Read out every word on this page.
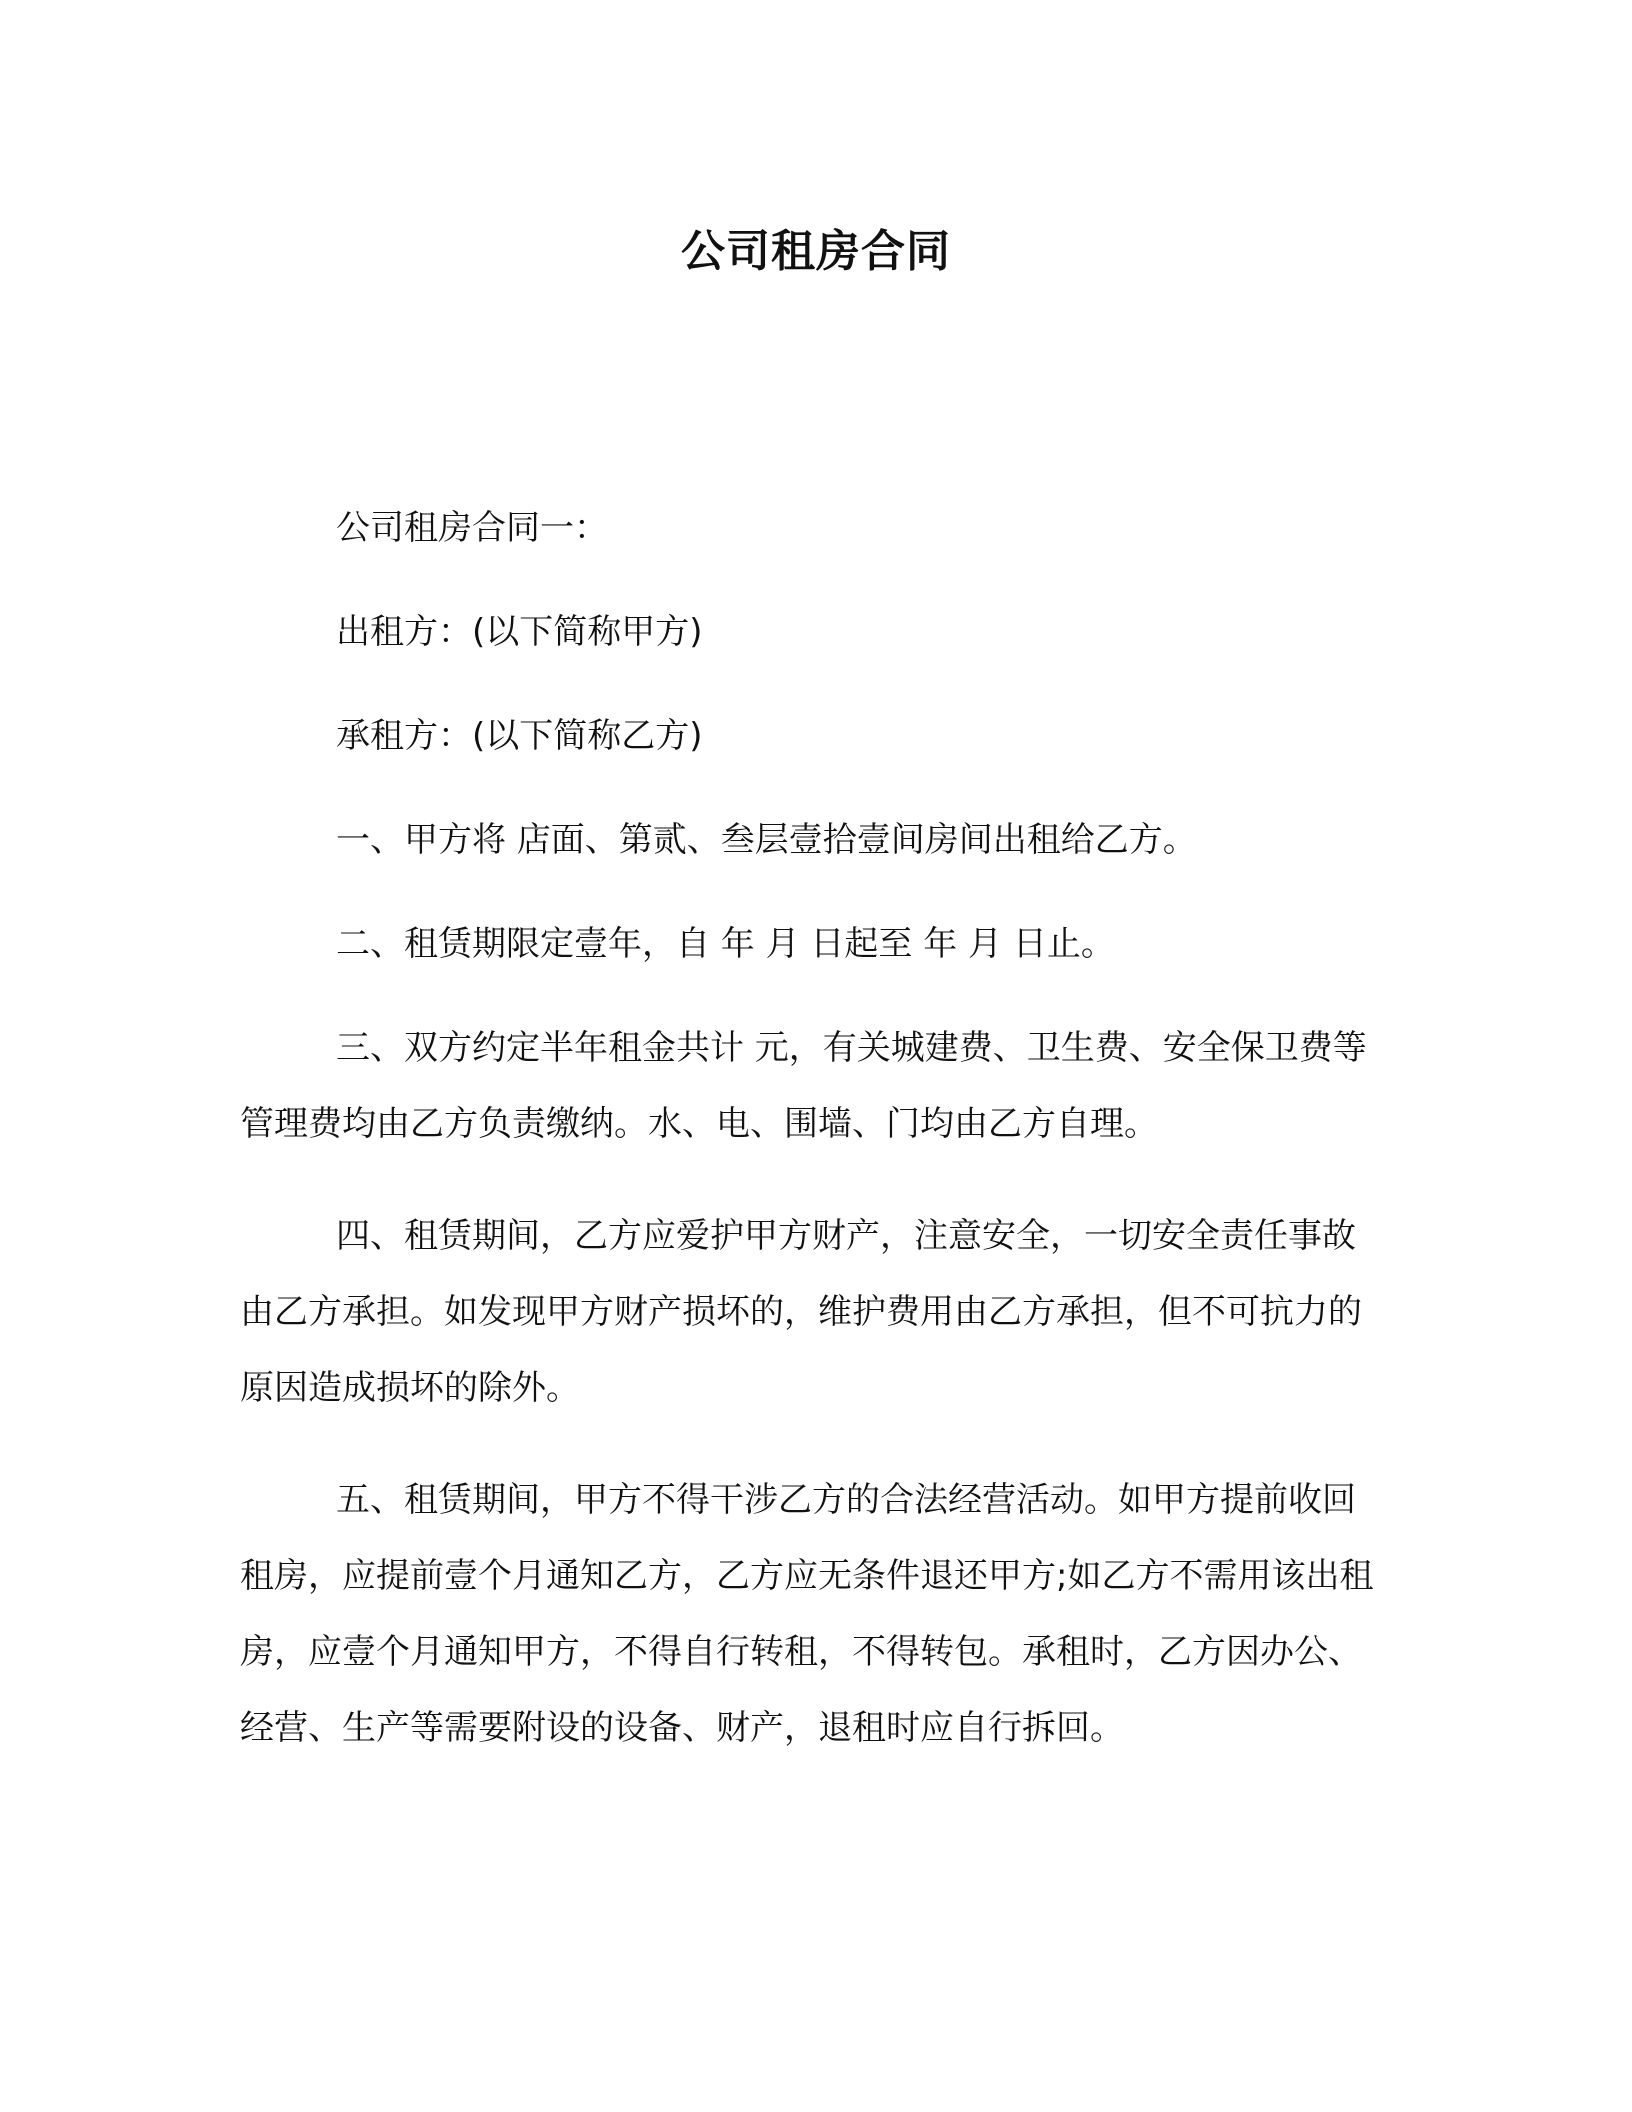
公司租房合同

公司租房合同一：

出租方：(以下简称甲方)

承租方：(以下简称乙方)

一、甲方将 店面、第贰、叁层壹拾壹间房间出租给乙方。

二、租赁期限定壹年，自 年 月 日起至 年 月 日止。

三、双方约定半年租金共计 元，有关城建费、卫生费、安全保卫费等管理费均由乙方负责缴纳。水、电、围墙、门均由乙方自理。

四、租赁期间，乙方应爱护甲方财产，注意安全，一切安全责任事故由乙方承担。如发现甲方财产损坏的，维护费用由乙方承担，但不可抗力的原因造成损坏的除外。

五、租赁期间，甲方不得干涉乙方的合法经营活动。如甲方提前收回租房，应提前壹个月通知乙方，乙方应无条件退还甲方;如乙方不需用该出租房，应壹个月通知甲方，不得自行转租，不得转包。承租时，乙方因办公、经营、生产等需要附设的设备、财产，退租时应自行拆回。
